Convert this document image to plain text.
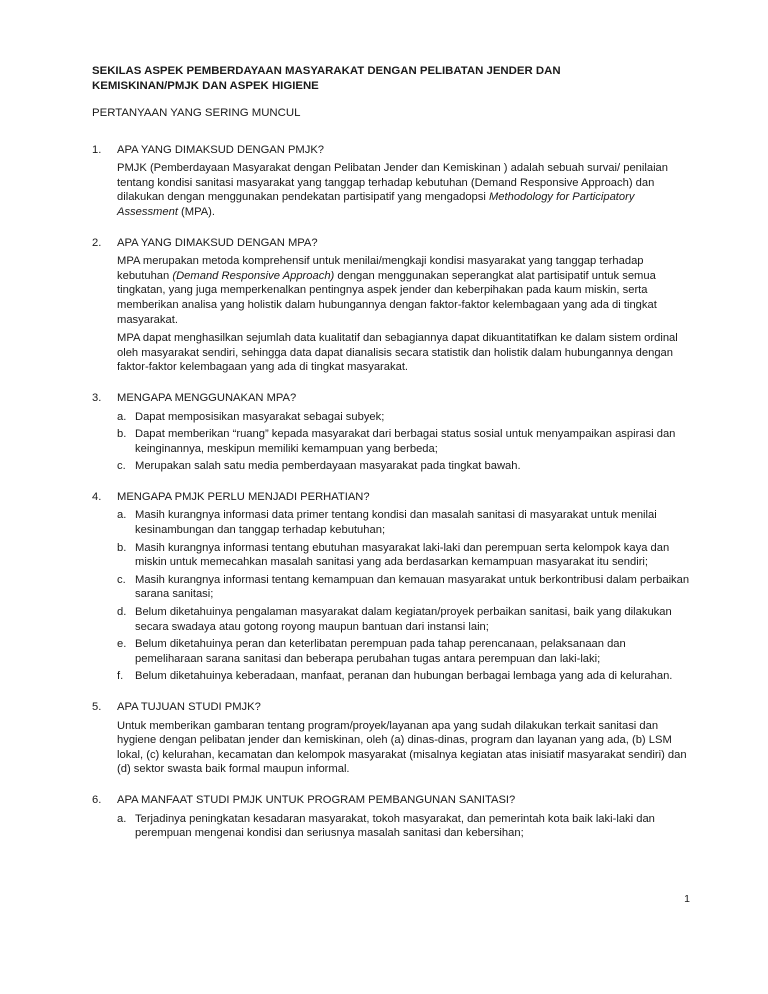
SEKILAS ASPEK PEMBERDAYAAN MASYARAKAT DENGAN PELIBATAN JENDER DAN
KEMISKINAN/PMJK DAN ASPEK HIGIENE
PERTANYAAN YANG SERING MUNCUL
1. APA YANG DIMAKSUD DENGAN PMJK?

PMJK (Pemberdayaan Masyarakat dengan Pelibatan Jender dan Kemiskinan ) adalah sebuah survai/ penilaian tentang kondisi sanitasi masyarakat yang tanggap terhadap kebutuhan (Demand Responsive Approach) dan dilakukan dengan menggunakan pendekatan partisipatif yang mengadopsi Methodology for Participatory Assessment (MPA).

2. APA YANG DIMAKSUD DENGAN MPA?

MPA merupakan metoda komprehensif untuk menilai/mengkaji kondisi masyarakat yang tanggap terhadap kebutuhan (Demand Responsive Approach) dengan menggunakan seperangkat alat partisipatif untuk semua tingkatan, yang juga memperkenalkan pentingnya aspek jender dan keberpihakan pada kaum miskin, serta memberikan analisa yang holistik dalam hubungannya dengan faktor-faktor kelembagaan yang ada di tingkat masyarakat.

MPA dapat menghasilkan sejumlah data kualitatif dan sebagiannya dapat dikuantitatifkan ke dalam sistem ordinal oleh masyarakat sendiri, sehingga data dapat dianalisis secara statistik dan holistik dalam hubungannya dengan faktor-faktor kelembagaan yang ada di tingkat masyarakat.

3. MENGAPA MENGGUNAKAN MPA?
a. Dapat memposisikan masyarakat sebagai subyek;
b. Dapat memberikan “ruang” kepada masyarakat dari berbagai status sosial untuk menyampaikan aspirasi dan keinginannya, meskipun memiliki kemampuan yang berbeda;
c. Merupakan salah satu media pemberdayaan masyarakat pada tingkat bawah.
4. MENGAPA PMJK PERLU MENJADI PERHATIAN?
a. Masih kurangnya informasi data primer tentang kondisi dan masalah sanitasi di masyarakat untuk menilai kesinambungan dan tanggap terhadap kebutuhan;
b. Masih kurangnya informasi tentang ebutuhan masyarakat laki-laki dan perempuan serta kelompok kaya dan miskin untuk memecahkan masalah sanitasi yang ada berdasarkan kemampuan masyarakat itu sendiri;
c. Masih kurangnya informasi tentang kemampuan dan kemauan masyarakat untuk berkontribusi dalam perbaikan sarana sanitasi;
d. Belum diketahuinya pengalaman masyarakat dalam kegiatan/proyek perbaikan sanitasi, baik yang dilakukan secara swadaya atau gotong royong maupun bantuan dari instansi lain;
e. Belum diketahuinya peran dan keterlibatan perempuan pada tahap perencanaan, pelaksanaan dan pemeliharaan sarana sanitasi dan beberapa perubahan tugas antara perempuan dan laki-laki;
f. Belum diketahuinya keberadaan, manfaat, peranan dan hubungan berbagai lembaga yang ada di kelurahan.
5. APA TUJUAN STUDI PMJK?

Untuk memberikan gambaran tentang program/proyek/layanan apa yang sudah dilakukan terkait sanitasi dan hygiene dengan pelibatan jender dan kemiskinan, oleh (a) dinas-dinas, program dan layanan yang ada, (b) LSM lokal, (c) kelurahan, kecamatan dan kelompok masyarakat (misalnya kegiatan atas inisiatif masyarakat sendiri) dan (d) sektor swasta baik formal maupun informal.

6. APA MANFAAT STUDI PMJK UNTUK PROGRAM PEMBANGUNAN SANITASI?
a. Terjadinya peningkatan kesadaran masyarakat, tokoh masyarakat, dan pemerintah kota baik laki-laki dan perempuan mengenai kondisi dan seriusnya masalah sanitasi dan kebersihan;
1
